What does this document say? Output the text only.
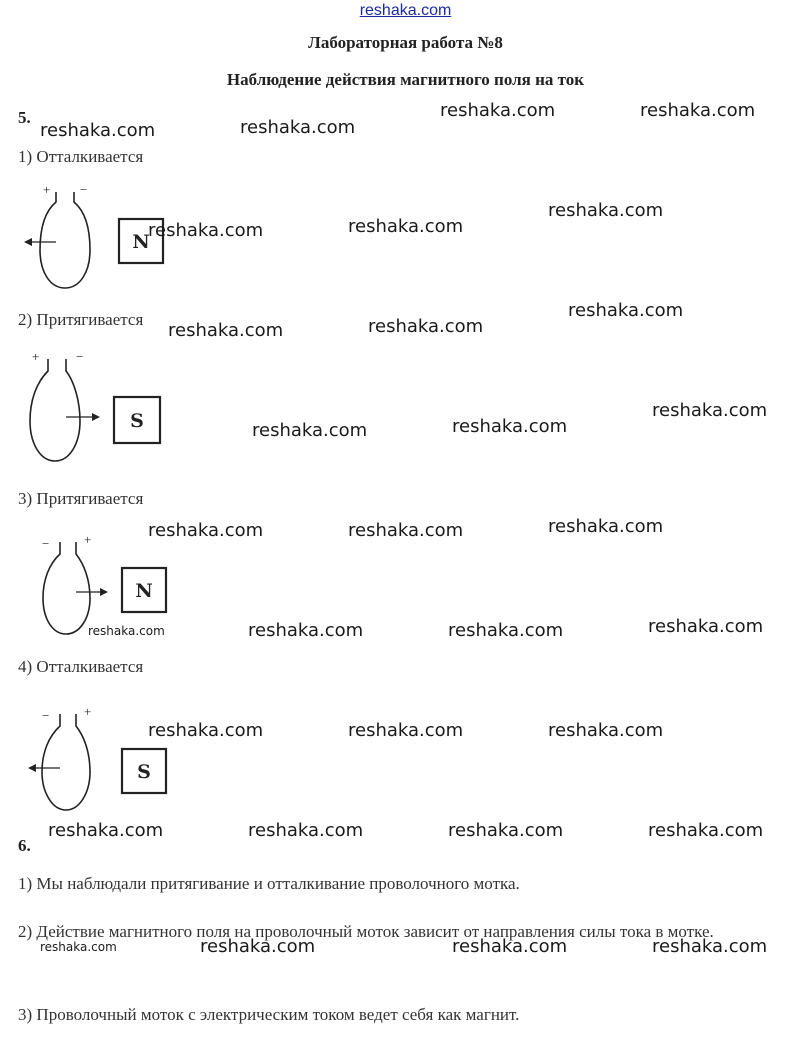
reshaka.com
Лабораторная работа №8
Наблюдение действия магнитного поля на ток
5.
1) Отталкивается
2) Притягивается
3) Притягивается
4) Отталкивается
+ −
N
+	−
S
−	+
N
−	+
S
6.
1) Мы наблюдали притягивание и отталкивание проволочного мотка.
2) Действие магнитного поля на проволочный моток зависит от направления силы тока в мотке.
3) Проволочный моток с электрическим током ведет себя как магнит.
reshaka.com	reshaka.com
reshaka.com	reshaka.com
reshaka.com	reshaka.com
reshaka.com
reshaka.com	reshaka.com
reshaka.com
reshaka.com	reshaka.com
reshaka.com
reshaka.com	reshaka.com	reshaka.com
reshaka.com	reshaka.com	reshaka.com	reshaka.com
reshaka.com	reshaka.com	reshaka.com
reshaka.com	reshaka.com	reshaka.com	reshaka.com
reshaka.com	reshaka.com	reshaka.com	reshaka.com
